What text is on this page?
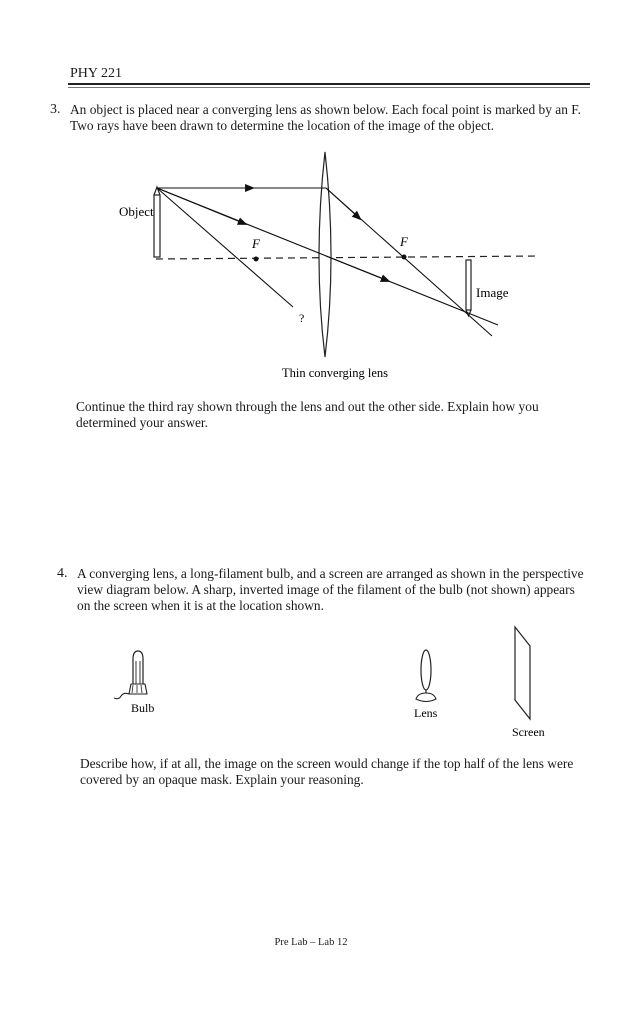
PHY 221
3. An object is placed near a converging lens as shown below. Each focal point is marked by an F. Two rays have been drawn to determine the location of the image of the object.
Object
F	F
Image
?
Thin converging lens
Bulb	Lens
Screen
Continue the third ray shown through the lens and out the other side. Explain how you determined your answer.
4. A converging lens, a long-filament bulb, and a screen are arranged as shown in the perspective view diagram below. A sharp, inverted image of the filament of the bulb (not shown) appears on the screen when it is at the location shown.
Describe how, if at all, the image on the screen would change if the top half of the lens were covered by an opaque mask. Explain your reasoning.
Pre Lab – Lab 12
